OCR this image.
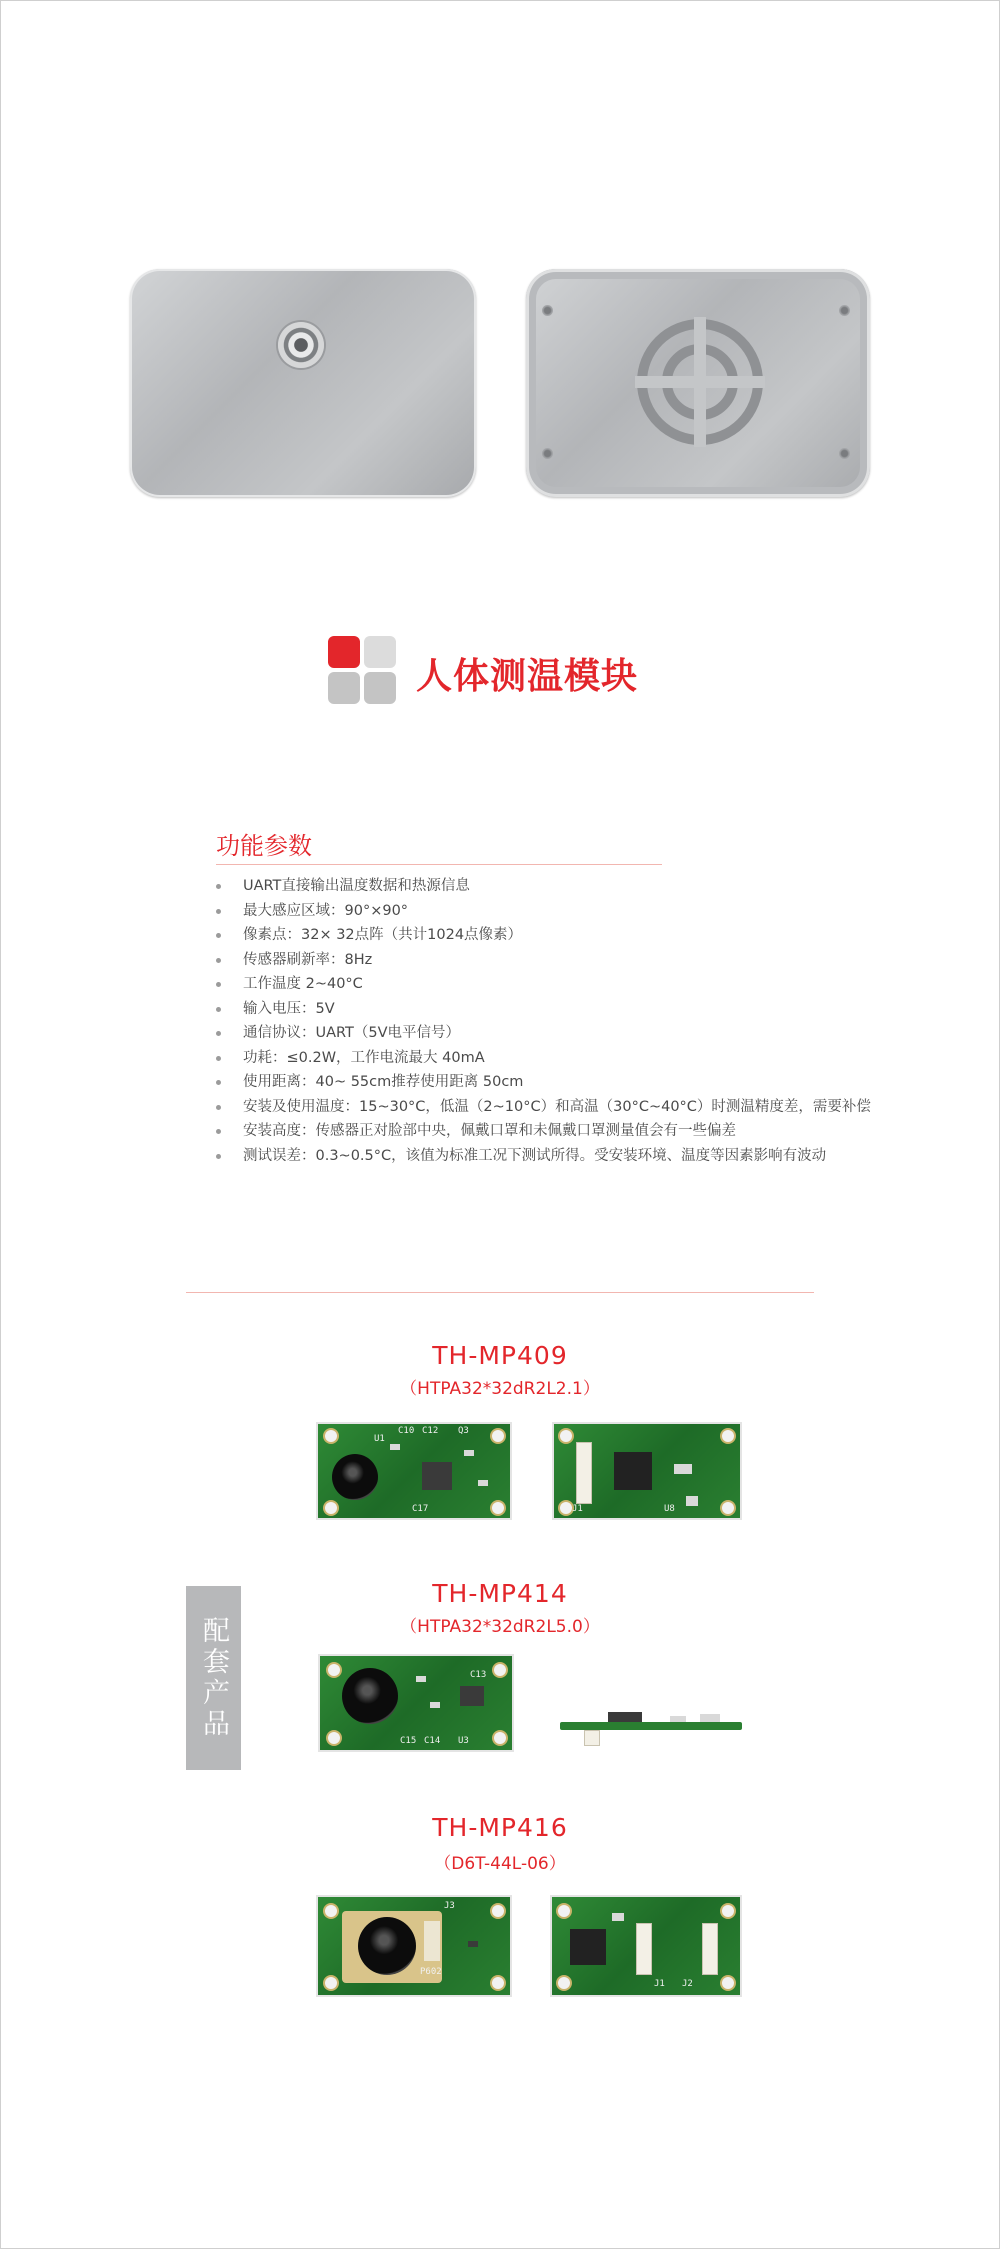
人体测温模块
功能参数
UART直接输出温度数据和热源信息
最大感应区域：90°×90°
像素点：32× 32点阵（共计1024点像素）
传感器刷新率：8Hz
工作温度 2~40°C
输入电压：5V
通信协议：UART（5V电平信号）
功耗：≤0.2W，工作电流最大 40mA
使用距离：40~ 55cm推荐使用距离 50cm
安装及使用温度：15~30°C，低温（2~10°C）和高温（30°C~40°C）时测温精度差，需要补偿
安装高度：传感器正对脸部中央，佩戴口罩和未佩戴口罩测量值会有一些偏差
测试误差：0.3~0.5°C，该值为标准工况下测试所得。受安装环境、温度等因素影响有波动
配套产品
TH-MP409
（HTPA32*32dR2L2.1）
C10 C12
U1
Q3
C17	J1	U8
TH-MP414
（HTPA32*32dR2L5.0）
C13
C15 C14 U3
TH-MP416
（D6T-44L-06）
J3
P602
J1 J2
